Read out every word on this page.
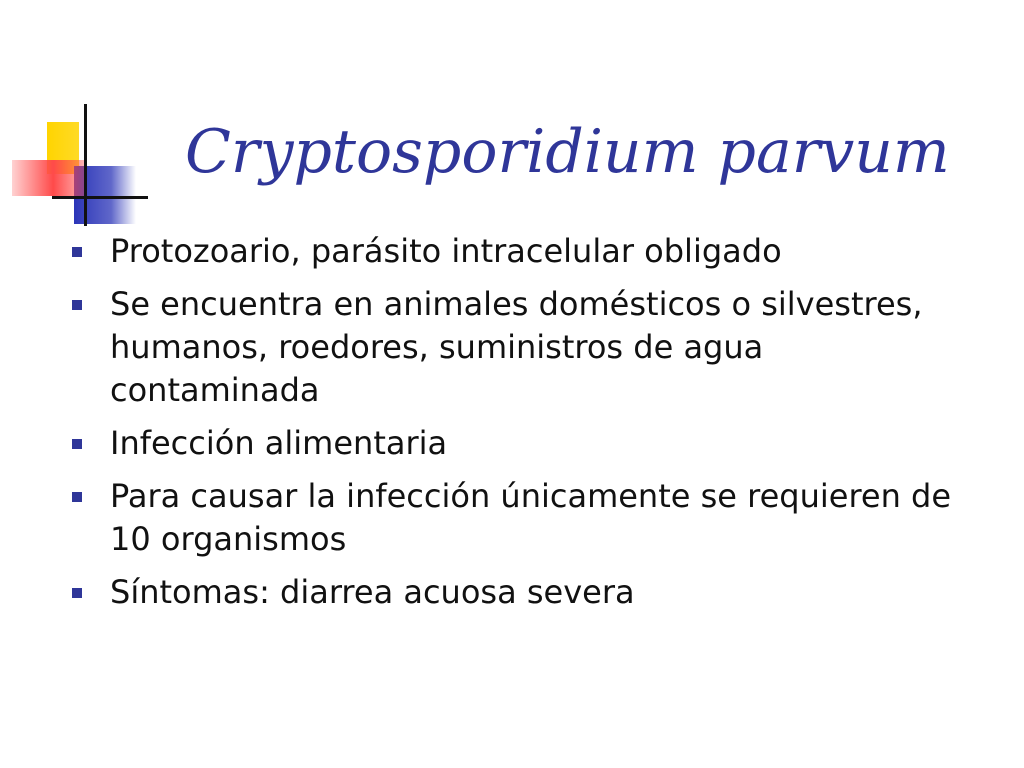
Cryptosporidium parvum
Protozoario, parásito intracelular obligado
Se encuentra en animales domésticos o silvestres, humanos, roedores, suministros de agua contaminada
Infección alimentaria
Para causar la infección únicamente se requieren de 10 organismos
Síntomas: diarrea acuosa severa
